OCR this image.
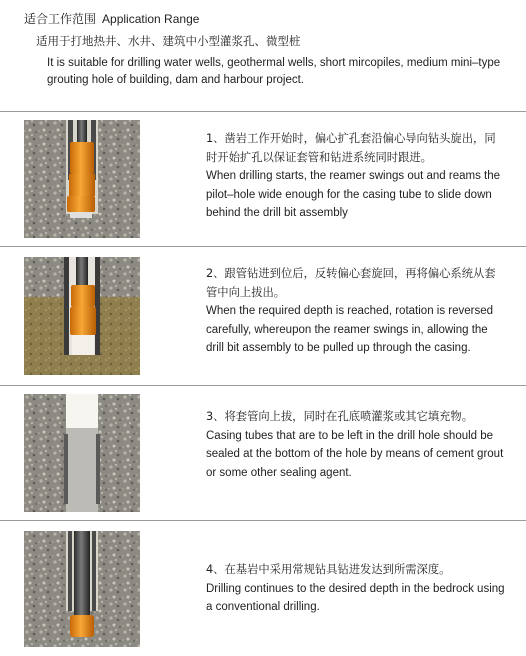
适合工作范围 Application Range
适用于打地热井、水井、建筑中小型灌浆孔、微型桩
It is suitable for drilling water wells, geothermal wells, short mircopiles, medium mini–type grouting hole of building, dam and harbour project.
1、凿岩工作开始时，偏心扩孔套沿偏心导向钻头旋出，同时开始扩孔以保证套管和钻进系统同时跟进。
When drilling starts, the reamer swings out and reams the pilot–hole wide enough for the casing tube to slide down behind the drill bit assembly
2、跟管钻进到位后，反转偏心套旋回，再将偏心系统从套管中向上拔出。
When the required depth is reached, rotation is reversed carefully, whereupon the reamer swings in, allowing the drill bit assembly to be pulled up through the casing.
3、将套管向上拔，同时在孔底喷灌浆或其它填充物。
Casing tubes that are to be left in the drill hole should be sealed at the bottom of the hole by means of cement grout or some other sealing agent.
4、在基岩中采用常规钻具钻进发达到所需深度。
Drilling continues to the desired depth in the bedrock using a conventional drilling.
